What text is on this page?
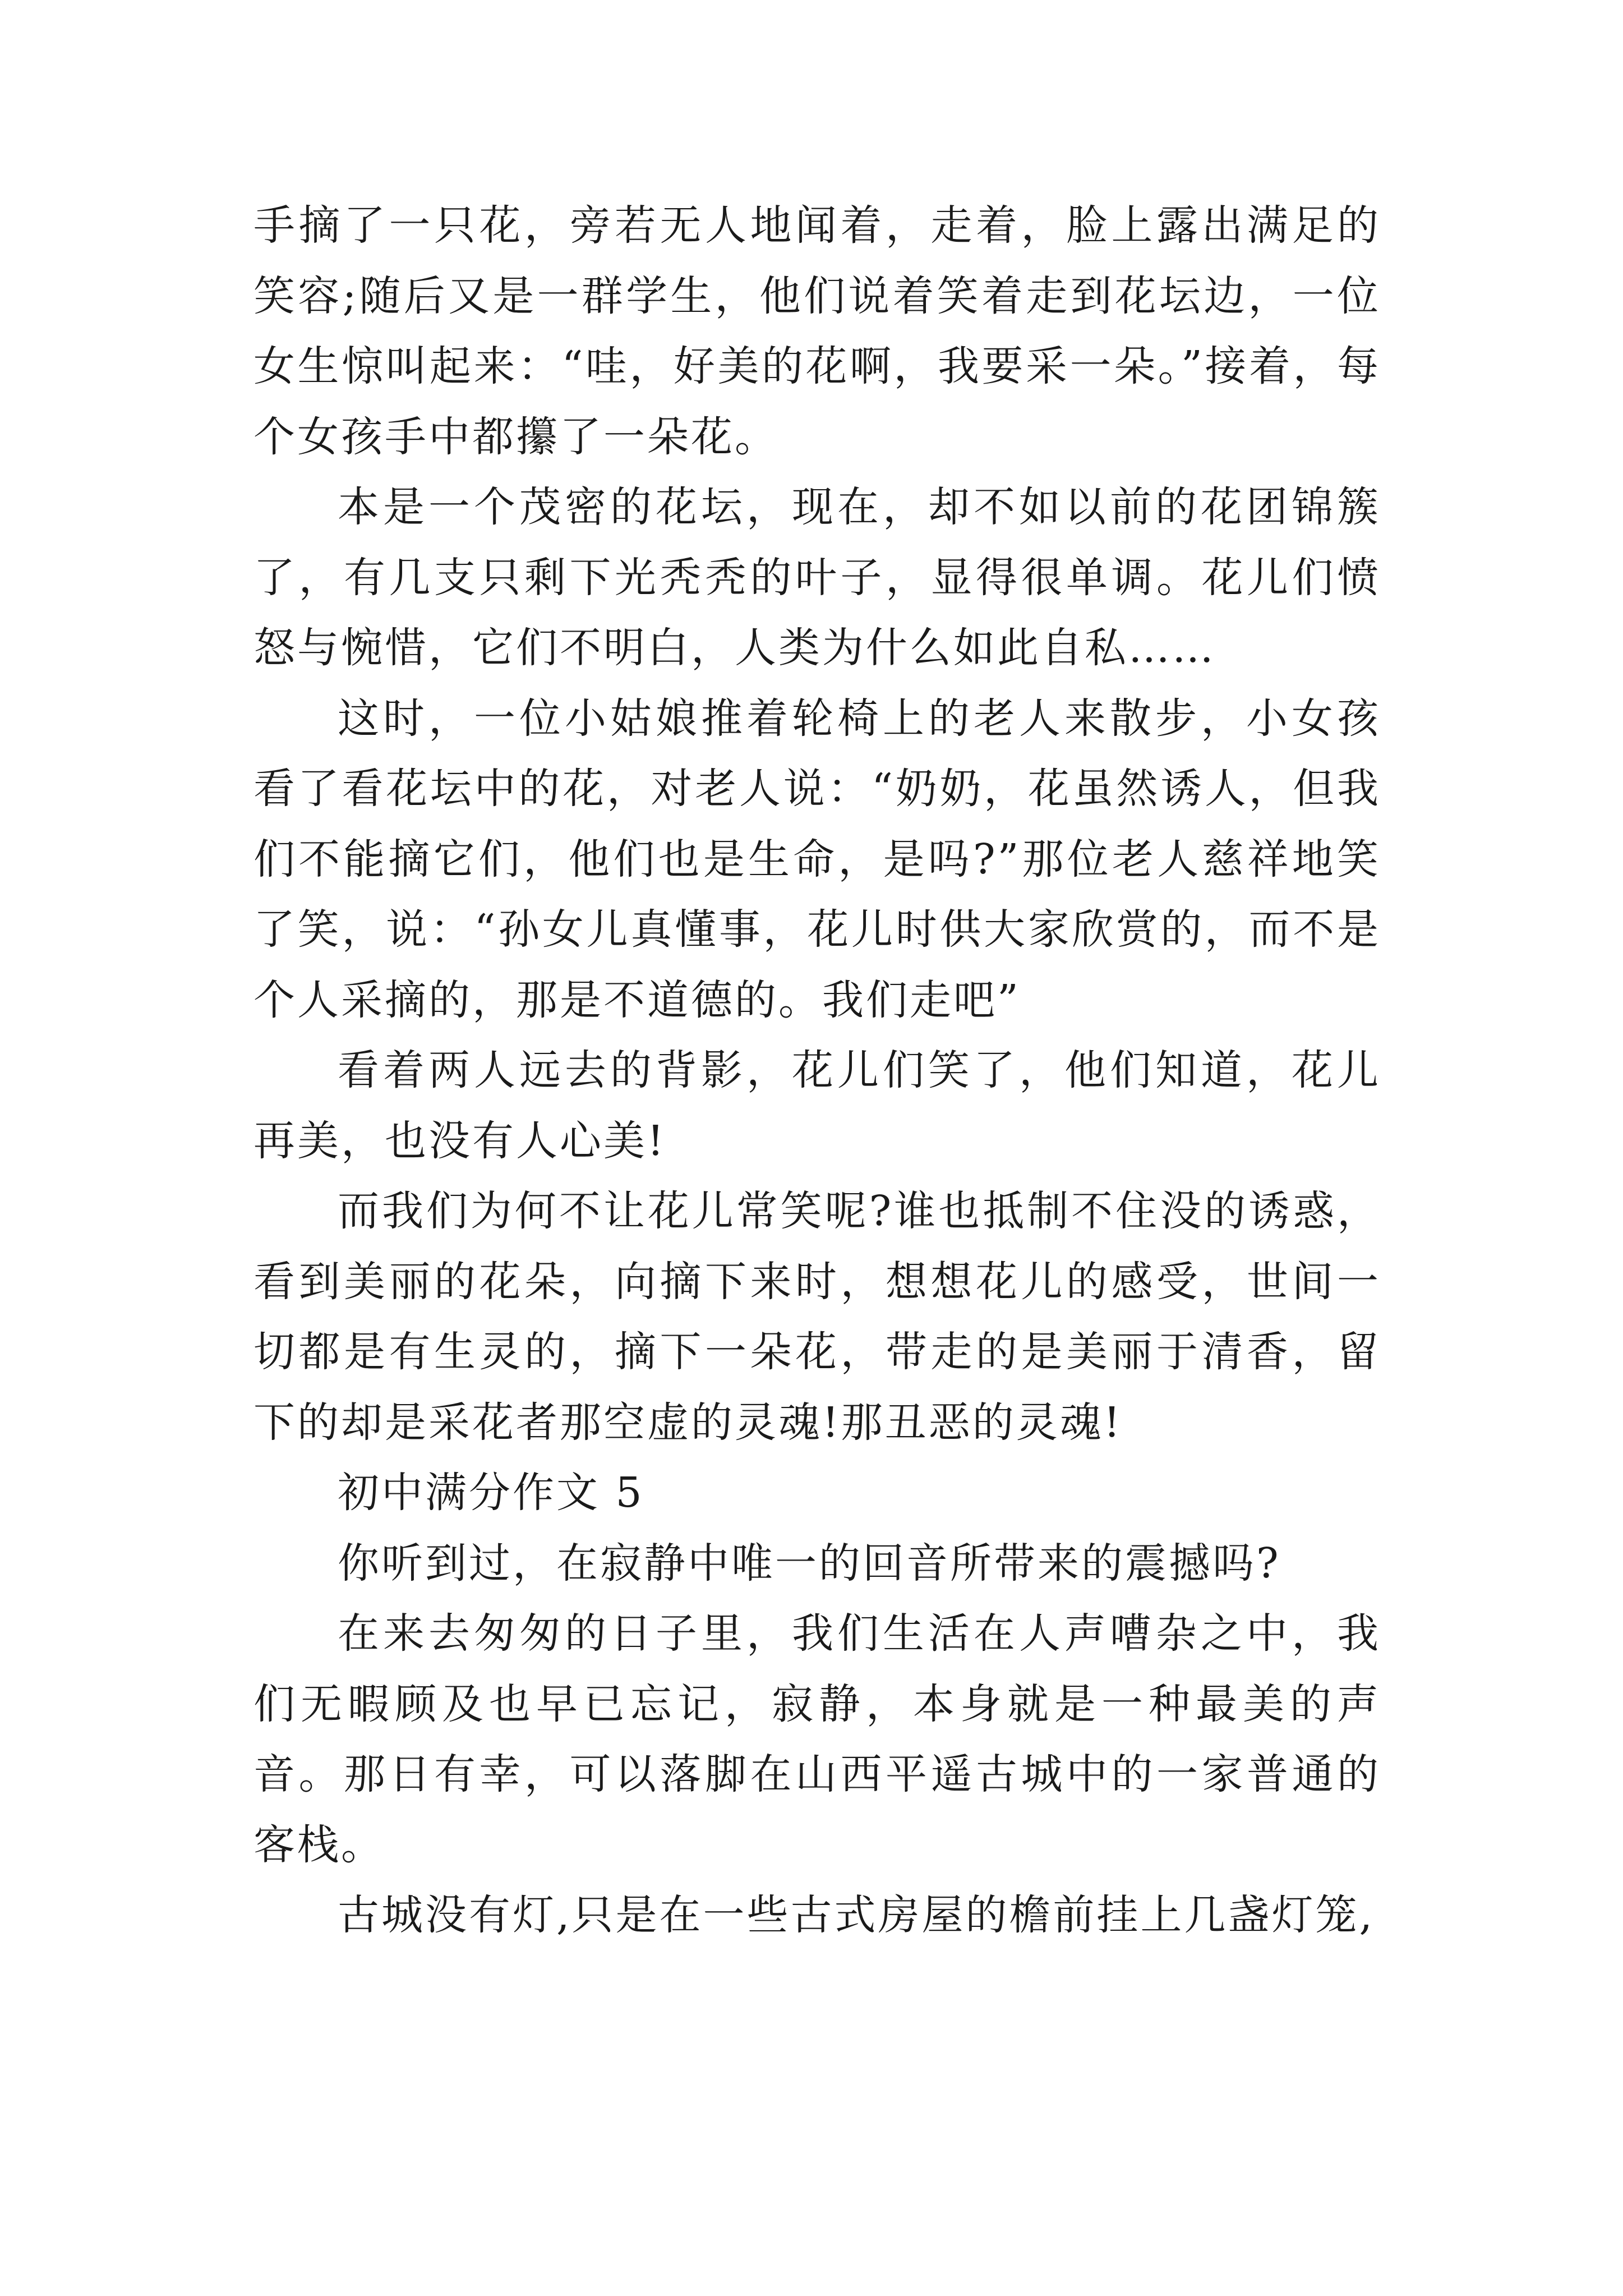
手摘了一只花，旁若无人地闻着，走着，脸上露出满足的笑容;随后又是一群学生，他们说着笑着走到花坛边，一位女生惊叫起来：“哇，好美的花啊，我要采一朵。”接着，每个女孩手中都攥了一朵花。

本是一个茂密的花坛，现在，却不如以前的花团锦簇了，有几支只剩下光秃秃的叶子，显得很单调。花儿们愤怒与惋惜，它们不明白，人类为什么如此自私……

这时，一位小姑娘推着轮椅上的老人来散步，小女孩看了看花坛中的花，对老人说：“奶奶，花虽然诱人，但我们不能摘它们，他们也是生命，是吗?”那位老人慈祥地笑了笑，说：“孙女儿真懂事，花儿时供大家欣赏的，而不是个人采摘的，那是不道德的。我们走吧”

看着两人远去的背影，花儿们笑了，他们知道，花儿再美，也没有人心美!

而我们为何不让花儿常笑呢?谁也抵制不住没的诱惑，看到美丽的花朵，向摘下来时，想想花儿的感受，世间一切都是有生灵的，摘下一朵花，带走的是美丽于清香，留下的却是采花者那空虚的灵魂!那丑恶的灵魂!

初中满分作文 5

你听到过，在寂静中唯一的回音所带来的震撼吗?

在来去匆匆的日子里，我们生活在人声嘈杂之中，我们无暇顾及也早已忘记，寂静，本身就是一种最美的声音。那日有幸，可以落脚在山西平遥古城中的一家普通的客栈。

古城没有灯,只是在一些古式房屋的檐前挂上几盏灯笼,
